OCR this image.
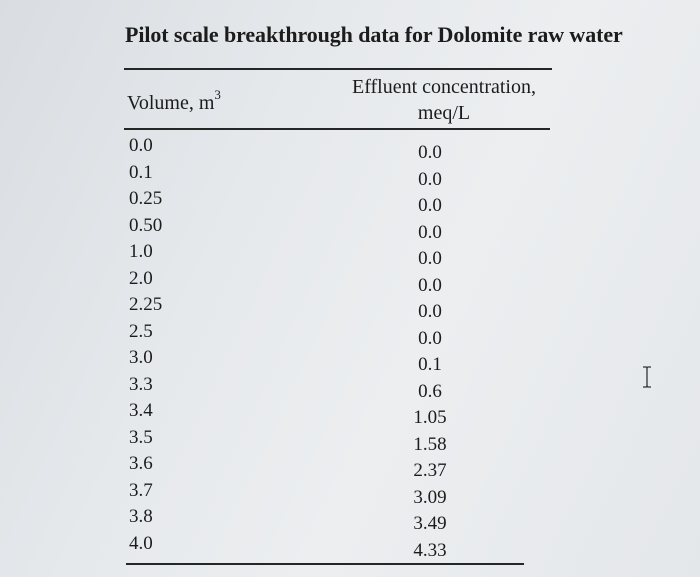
Pilot scale breakthrough data for Dolomite raw water
Volume, $m^3$	Effluent concentration,
meq/L
0.0
0.1
0.25
0.50
1.0
2.0
2.25
2.5
3.0
3.3
3.4
3.5
3.6
3.7
3.8
4.0
0.0
0.0
0.0
0.0
0.0
0.0
0.0
0.0
0.1
0.6
1.05
1.58
2.37
3.09
3.49
4.33
